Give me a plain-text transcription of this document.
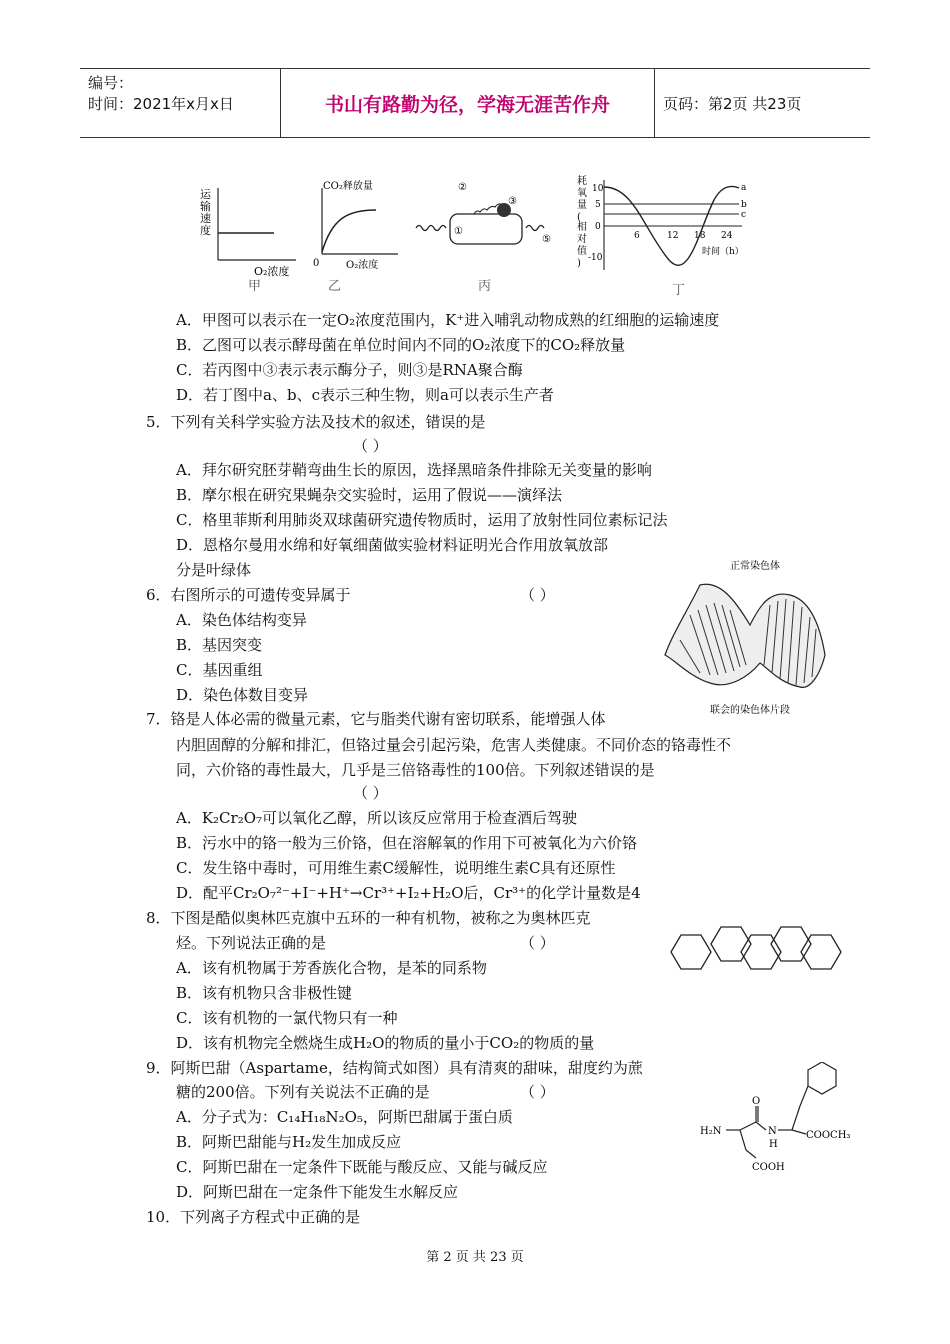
编号：
时间：2021年x月x日	书山有路勤为径，学海无涯苦作舟	页码：第2页 共23页
运输速度
O₂浓度
甲
CO₂释放量
0	O₂浓度
乙
②
③
①
⑤
丙
耗氧量(相对值)
10
5
0
-10
a
b
c
6	12 18 24
时间（h）
丁
A．甲图可以表示在一定O₂浓度范围内，K⁺进入哺乳动物成熟的红细胞的运输速度
B．乙图可以表示酵母菌在单位时间内不同的O₂浓度下的CO₂释放量
C．若丙图中③表示表示酶分子，则③是RNA聚合酶
D．若丁图中a、b、c表示三种生物，则a可以表示生产者
5．下列有关科学实验方法及技术的叙述，错误的是
（ ）
A．拜尔研究胚芽鞘弯曲生长的原因，选择黑暗条件排除无关变量的影响
B．摩尔根在研究果蝇杂交实验时，运用了假说——演绎法
C．格里菲斯利用肺炎双球菌研究遗传物质时，运用了放射性同位素标记法
D．恩格尔曼用水绵和好氧细菌做实验材料证明光合作用放氧放部
分是叶绿体
6．右图所示的可遗传变异属于	（ ）
A．染色体结构变异
B．基因突变
C．基因重组
D．染色体数目变异
7．铬是人体必需的微量元素，它与脂类代谢有密切联系，能增强人体
内胆固醇的分解和排汇，但铬过量会引起污染，危害人类健康。不同价态的铬毒性不
同，六价铬的毒性最大，几乎是三倍铬毒性的100倍。下列叙述错误的是
（ ）
A．K₂Cr₂O₇可以氧化乙醇，所以该反应常用于检查酒后驾驶
B．污水中的铬一般为三价铬，但在溶解氧的作用下可被氧化为六价铬
C．发生铬中毒时，可用维生素C缓解性，说明维生素C具有还原性
D．配平Cr₂O₇²⁻+I⁻+H⁺→Cr³⁺+I₂+H₂O后，Cr³⁺的化学计量数是4
8．下图是酷似奥林匹克旗中五环的一种有机物，被称之为奥林匹克
烃。下列说法正确的是	（ ）
A．该有机物属于芳香族化合物，是苯的同系物
B．该有机物只含非极性键
C．该有机物的一氯代物只有一种
D．该有机物完全燃烧生成H₂O的物质的量小于CO₂的物质的量
9．阿斯巴甜（Aspartame，结构简式如图）具有清爽的甜味，甜度约为蔗
糖的200倍。下列有关说法不正确的是	（ ）
A．分子式为：C₁₄H₁₈N₂O₅，阿斯巴甜属于蛋白质
B．阿斯巴甜能与H₂发生加成反应
C．阿斯巴甜在一定条件下既能与酸反应、又能与碱反应
D．阿斯巴甜在一定条件下能发生水解反应
10．下列离子方程式中正确的是
正常染色体
联会的染色体片段
H₂N
O
N
H
COOCH₃
COOH
第 2 页 共 23 页
